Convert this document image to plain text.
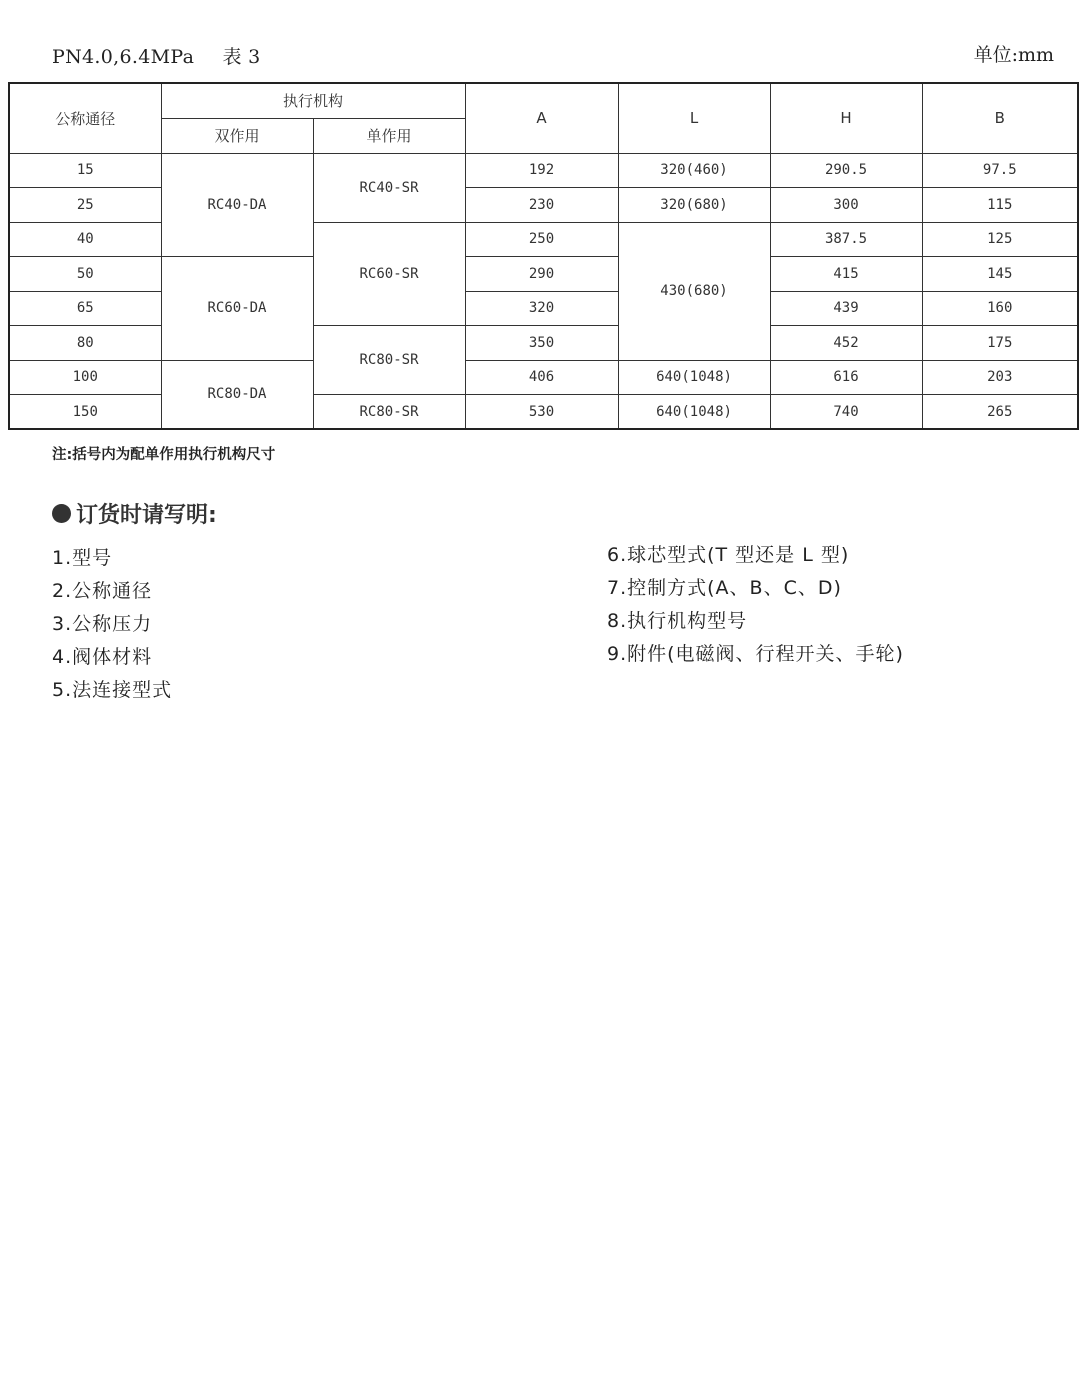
PN4.0,6.4MPa 表 3	单位:mm
公称通径	执行机构		A	L	H	B
	双作用	单作用				
15	RC40-DA	RC40-SR	192	320(460)	290.5	97.5
25			230	320(680)	300	115
40		RC60-SR	250	430(680)	387.5	125
50	RC60-DA		290		415	145
65			320		439	160
80		RC80-SR	350		452	175
100	RC80-DA		406	640(1048)	616	203
150		RC80-SR	530	640(1048)	740	265
注:括号内为配单作用执行机构尺寸
订货时请写明:
1.型号
2.公称通径
3.公称压力
4.阀体材料
5.法连接型式
6.球芯型式(T 型还是 L 型)
7.控制方式(A、B、C、D)
8.执行机构型号
9.附件(电磁阀、行程开关、手轮)
